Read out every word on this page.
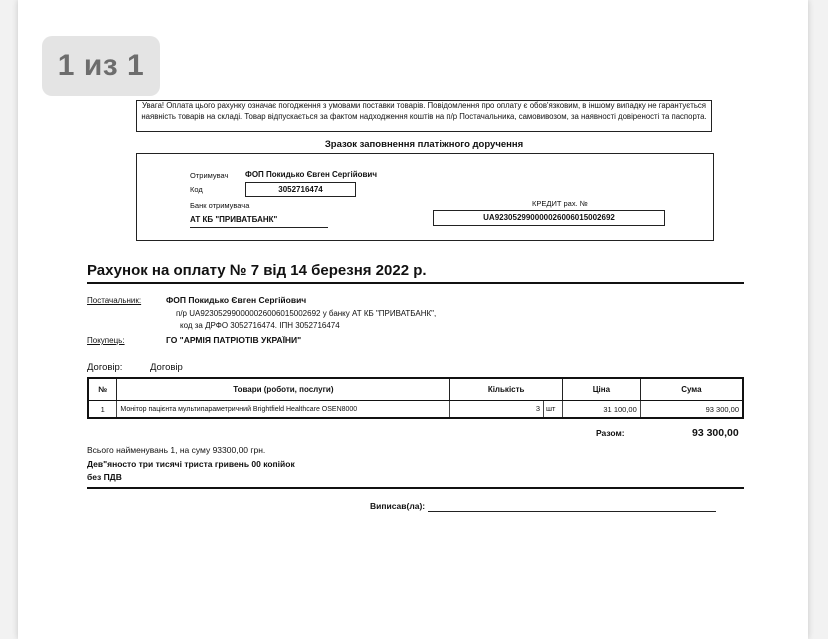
Увага! Оплата цього рахунку означає погодження з умовами поставки товарів. Повідомлення про оплату є обов'язковим, в іншому випадку не гарантується наявність товарів на складі. Товар відпускається за фактом надходження коштів на п/р Постачальника, самовивозом, за наявності довіреності та паспорта.
Зразок заповнення платіжного доручення
Отримувач ФОП Покидько Євген Сергійович
Код	3052716474
Банк отримувача
АТ КБ "ПРИВАТБАНК"
КРЕДИТ рах. №
UA923052990000026006015002692
Рахунок на оплату № 7 від 14 березня 2022 р.
Постачальник:	ФОП Покидько Євген Сергійович
п/р UA923052990000026006015002692 у банку АТ КБ "ПРИВАТБАНК",
код за ДРФО 3052716474. ІПН 3052716474
Покупець:	ГО "АРМІЯ ПАТРІОТІВ УКРАЇНИ"
Договір:	Договір
№	Товари (роботи, послуги)	Кількість	Ціна	Сума
1	Монітор пацієнта мультипараметричний Brightfield Healthcare OSEN8000	3 шт	31 100,00	93 300,00
Разом:	93 300,00
Всього найменувань 1, на суму 93300,00 грн.
Дев"яносто три тисячі триста гривень 00 копійок
без ПДВ
Виписав(ла):
1 из 1
